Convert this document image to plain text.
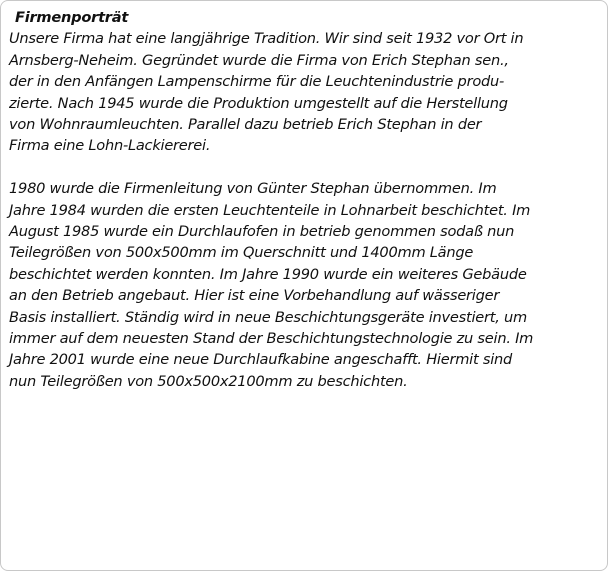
Firmenporträt
Unsere Firma hat eine langjährige Tradition. Wir sind seit 1932 vor Ort in
Arnsberg-Neheim. Gegründet wurde die Firma von Erich Stephan sen.,
der in den Anfängen Lampenschirme für die Leuchtenindustrie produ-
zierte. Nach 1945 wurde die Produktion umgestellt auf die Herstellung
von Wohnraumleuchten. Parallel dazu betrieb Erich Stephan in der
Firma eine Lohn-Lackiererei.
1980 wurde die Firmenleitung von Günter Stephan übernommen. Im
Jahre 1984 wurden die ersten Leuchtenteile in Lohnarbeit beschichtet. Im
August 1985 wurde ein Durchlaufofen in betrieb genommen sodaß nun
Teilegrößen von 500x500mm im Querschnitt und 1400mm Länge
beschichtet werden konnten. Im Jahre 1990 wurde ein weiteres Gebäude
an den Betrieb angebaut. Hier ist eine Vorbehandlung auf wässeriger
Basis installiert. Ständig wird in neue Beschichtungsgeräte investiert, um
immer auf dem neuesten Stand der Beschichtungstechnologie zu sein. Im
Jahre 2001 wurde eine neue Durchlaufkabine angeschafft. Hiermit sind
nun Teilegrößen von 500x500x2100mm zu beschichten.
